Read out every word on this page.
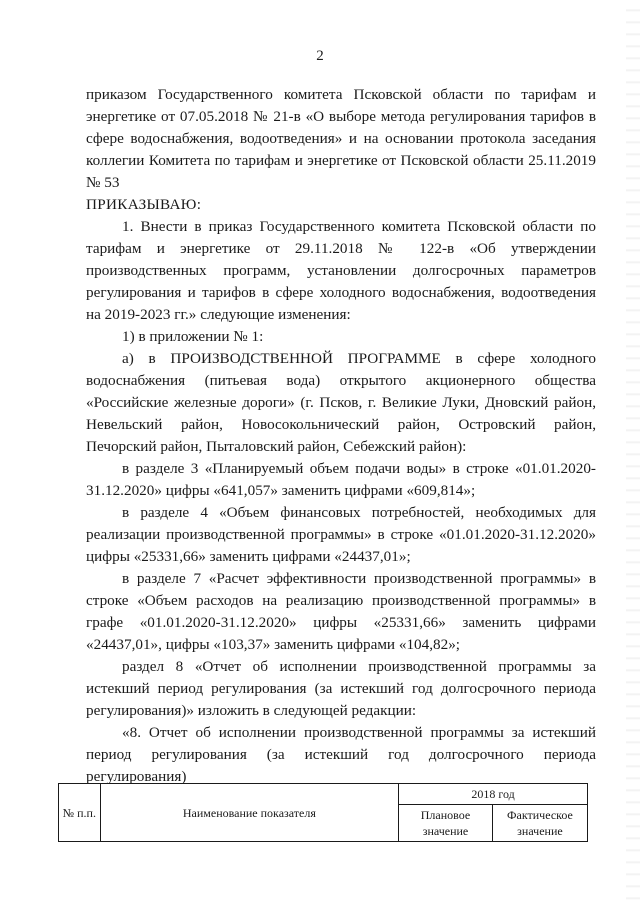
2

приказом Государственного комитета Псковской области по тарифам и энергетике от 07.05.2018 № 21-в «О выборе метода регулирования тарифов в сфере водоснабжения, водоотведения» и на основании протокола заседания коллегии Комитета по тарифам и энергетике от Псковской области 25.11.2019 № 53

ПРИКАЗЫВАЮ:

1. Внести в приказ Государственного комитета Псковской области по тарифам и энергетике от 29.11.2018 № 122-в «Об утверждении производственных программ, установлении долгосрочных параметров регулирования и тарифов в сфере холодного водоснабжения, водоотведения на 2019-2023 гг.» следующие изменения:

1) в приложении № 1:

а) в ПРОИЗВОДСТВЕННОЙ ПРОГРАММЕ в сфере холодного водоснабжения (питьевая вода) открытого акционерного общества «Российские железные дороги» (г. Псков, г. Великие Луки, Дновский район, Невельский район, Новосокольнический район, Островский район, Печорский район, Пыталовский район, Себежский район):

в разделе 3 «Планируемый объем подачи воды» в строке «01.01.2020-31.12.2020» цифры «641,057» заменить цифрами «609,814»;

в разделе 4 «Объем финансовых потребностей, необходимых для реализации производственной программы» в строке «01.01.2020-31.12.2020» цифры «25331,66» заменить цифрами «24437,01»;

в разделе 7 «Расчет эффективности производственной программы» в строке «Объем расходов на реализацию производственной программы» в графе «01.01.2020-31.12.2020» цифры «25331,66» заменить цифрами «24437,01», цифры «103,37» заменить цифрами «104,82»;

раздел 8 «Отчет об исполнении производственной программы за истекший период регулирования (за истекший год долгосрочного периода регулирования)» изложить в следующей редакции:

«8. Отчет об исполнении производственной программы за истекший период регулирования (за истекший год долгосрочного периода регулирования)

№ п.п.	Наименование показателя	2018 год	
		Плановое значение	Фактическое значение
